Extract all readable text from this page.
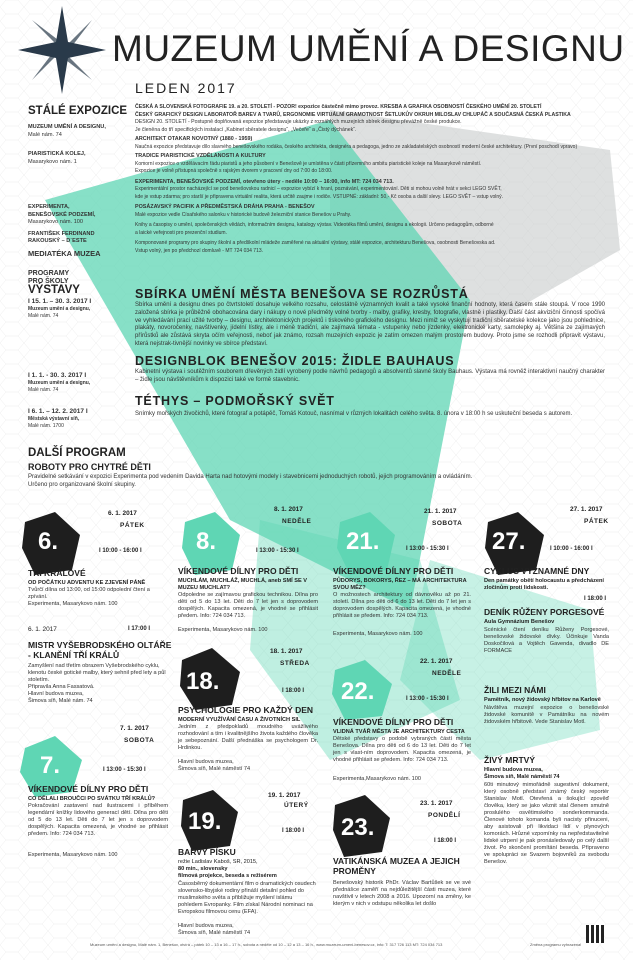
MUZEUM UMĚNÍ A DESIGNU
LEDEN 2017
STÁLÉ EXPOZICE
MUZEUM UMĚNÍ A DESIGNU,
Malé nám. 74
PIARISTICKÁ KOLEJ,
Masarykovo nám. 1
EXPERIMENTA,
BENEŠOVSKÉ PODZEMÍ,
Masarykovo nám. 100
FRANTIŠEK FERDINAND
RAKOUSKÝ – D´ESTE
MEDIATÉKA MUZEA
PROGRAMY
PRO ŠKOLY
ČESKÁ A SLOVENSKÁ FOTOGRAFIE 19. a 20. STOLETÍ - POZOR! expozice částečně mimo provoz. KRESBA A GRAFIKA OSOBNOSTÍ ČESKÉHO UMĚNÍ 20. STOLETÍ
ČESKÝ GRAFICKÝ DESIGN LABORATOŘ BAREV A TVARŮ, ERGONOMIE VIRTUÁLNÍ GRAMOTNOST ŠETLUKŮV OKRUH MILOSLAV CHLUPÁČ A SOUČASNÁ ČESKÁ PLASTIKA
DESIGN 20. STOLETÍ - Postupně doplňovaná expozice představuje ukázky z rozsáhlých muzejních sbírek designu převážně české produkce.
Je členěna do tří specifických instalací „Kabinet sběratele designu“, „Večeře“ a „Čistý dýchánek“.
ARCHITEKT OTAKAR NOVOTNÝ (1880 - 1959)
Naučná expozice představuje dílo slavného benešovského rodáka, českého architekta, designéra a pedagoga, jedno ze zakladatelských osobností moderní české architektury. (První poschodí vpravo)
TRADICE PIARISTICKÉ VZDĚLANOSTI A KULTURY
Komorní expozice o vzdělávacím řádu piaristů a jeho působení v Benešově je umístěna v části přízemního ambitu piaristické koleje na Masarykově náměstí.
Expozice je volně přístupná společně s rajským dvorem v pracovní dny od 7:00 do 18:00.
EXPERIMENTA, BENEŠOVSKÉ PODZEMÍ, otevřeno útery - neděle 10:00 – 16:00, info MT: 724 034 713.
Experimentální prostor nacházející se pod benešovskou radnicí – expozice vybízí k hraní, poznávání, experimentování. Děti si mohou volně hrát v sekci LEGO SVĚT,
kde je vstup zdarma; pro starší je připravena virtuální realita, která určitě zaujme i rodiče. VSTUPNÉ: základní: 50,- Kč osoba a další slevy. LEGO SVĚT – vstup volný.
POSÁZAVSKÝ PACIFIK A PŘEDMĚSTSKÁ DRÁHA PRAHA - BENEŠOV
Malé expozice vedle Císařského salonku v historické budově železniční stanice Benešov u Prahy.
Knihy a časopisy o umění, společenských vědách, informačním designu, katalogy výstav. Videotéka filmů umění, designu a ekologii. Určeno pedagogům, odborné
a laické veřejnosti pro prezenční studium.
Komponované programy pro skupiny školní a předškolní mládeže zaměřené na aktuální výstavy, stálé expozice, architekturu Benešova, osobnosti Benešovska ad.
Vstup volný, jen po předchozí domluvě - MT 724 034 713.
VÝSTAVY
I 15. 1. – 30. 3. 2017 I
Muzeum umění a designu,
Malé nám. 74
SBÍRKA UMĚNÍ MĚSTA BENEŠOVA SE ROZRŮSTÁ
Sbírka umění a designu dnes po čtvrtstoletí dosahuje velkého rozsahu, celostátně významných kvalit a také vysoké finanční hodnoty, která časem stále stoupá. V roce 1990 založená sbírka je průběžně obohacována dary i nákupy o nové předměty volné tvorby - malby, grafiky, kresby, fotografie, vlastně i plastiky. Další část akviziční činnosti spočívá ve vyhledávání prací užité tvorby – designu, architektonických projektů i tiskového grafického designu. Mezi nimiž se vyskytují tradiční sběratelské kolekce jako jsou pohlednice, plakáty, novoročenky, navštívenky, jídelní lístky, ale i méně tradiční, ale zajímavá témata - vstupenky nebo jízdenky, elektronické karty, samolepky aj. Většina ze zajímavých přírůstků ale zůstává skryta očím veřejnosti, neboť jak známo, rozsah muzejních expozic je zatím omezen malým prostorem budovy. Proto jsme se rozhodli připravit výstavu, která nejstrak-tivnější novinky ve sbírce představí.
I 1. 1. - 30. 3. 2017 I
Muzeum umění a designu,
Malé nám. 74
DESIGNBLOK BENEŠOV 2015: ŽIDLE BAUHAUS
Kabinetní výstava i soutěžním souborem dřevěných židlí vyrobený podle návrhů pedagogů a absolventů slavné školy Bauhaus. Výstava má rovněž interaktivní naučný charakter – židle jsou návštěvníkům k dispozici také ve formě stavebnic.
I 6. 1. – 12. 2. 2017 I
Městská výstavní síň,
Malé nám. 1700
TÉTHYS – PODMOŘSKÝ SVĚT
Snímky mořských živočichů, které fotograf a potápěč, Tomáš Kotouč, nasnímal v různých lokalitách celého světa. 8. února v 18:00 h se uskuteční beseda s autorem.
DALŠÍ PROGRAM
ROBOTY PRO CHYTRÉ DĚTI
Pravidelné setkávání v expozici Experimenta pod vedením Davida Harta nad hotovými modely i stavebnicemi jednoduchých robotů, jejich programováním a ovládáním.
Určeno pro organizované školní skupiny.
6.
6. 1. 2017
PÁTEK
I 10:00 - 16:00 I
TŘI KRÁLOVÉ
OD POČÁTKU ADVENTU KE ZJEVENÍ PÁNĚ
Tvůrčí dílna od 13:00, od 15:00 odpolední čtení a zpívání.
Experimenta, Masarykovo nám. 100
6. 1. 2017	I 17:00 I
MISTR VYŠEBRODSKÉHO OLTÁŘE - KLANĚNÍ TŘÍ KRÁLŮ
Zamyšlení nad třetím obrazem Vyšebrodského cyklu, klenotu české gotické malby, který sehnil před lety a půl stoletím.
Připravila Anna Fassatová.
Hlavní budova muzea,
Šimova síň, Malé nám. 74
7.
7. 1. 2017
SOBOTA
I 13:00 - 15:30 I
VÍKENDOVÉ DÍLNY PRO DĚTI
CO DĚLALI BROUČCI PO SVÁTKU TŘÍ KRÁLŮ?
Pokračování zastavení nad ilustracemi i příběhem legendární knížky lidového generací dětí. Dílna pro děti od 5 do 13 let. Děti do 7 let jen s doprovodem dospělých. Kapacita omezená, je vhodné se přihlásit předem. Info: 724 034 713.
Experimenta, Masarykovo nám. 100
8.
8. 1. 2017
NEDĚLE
I 13:00 - 15:30 I
VÍKENDOVÉ DÍLNY PRO DĚTI
MUCHLÁM, MUCHLÁŽ, MUCHLÁ, aneb SMÍ SE V MUZEU MUCHLAT?
Odpoledne se zajímavou grafickou technikou. Dílna pro děti od 5 do 13 let. Děti do 7 let jen s doprovodem dospělých. Kapacita omezená, je vhodné se přihlásit předem. Info: 724 034 713.
Experimenta, Masarykovo nám. 100
18.
18. 1. 2017
STŘEDA
I 18:00 I
PSYCHOLOGIE PRO KAŽDÝ DEN
MODERNÍ VYUŽÍVÁNÍ ČASU A ŽIVOTNÍCH SIL
Jedním z předpokladů moudrého uvážlivého rozhodování a tím i kvalitnějšího života každého člověka je sebepoznání. Další přednáška se psychologem Dr. Hrdinkou.
Hlavní budova muzea,
Šimova síň, Malé náměstí 74
19.
19. 1. 2017
ÚTERÝ
I 18:00 I
BARVY PÍSKU
režie Ladislav Kaboš, SR, 2015,
80 min., slovensky
filmová projekce, beseda s režisérem
Časosběrný dokumentární film o dramatických osudech slovensko-libyjské rodiny přináší detailní pohled do muslimského světa a přibližuje myšlení islámu pohledem Evropanky. Film získal Národní nominaci na Evropskou filmovou cenu (EFA).
Hlavní budova muzea,
Šimova síň, Malé náměstí 74
21.
21. 1. 2017
SOBOTA
I 13:00 - 15:30 I
VÍKENDOVÉ DÍLNY PRO DĚTI
PŮDORYS, BOKORYS, ŘEZ – MÁ ARCHITEKTURA SVOU MĚZ?
O možnostech architektury od dávnověku až po 21. století. Dílna pro děti od 6 do 13 let. Děti do 7 let jen s doprovodem dospělých. Kapacita omezená, je vhodné přihlásit se předem. Info: 724 034 713.
Experimenta, Masarykovo nám. 100
22.
22. 1. 2017
NEDĚLE
I 13:00 - 15:30 I
VÍKENDOVÉ DÍLNY PRO DĚTI
VLIDNÁ TVÁŘ MĚSTA JE ARCHITEKTURY CESTA
Dětské představy o podobě vybraných částí města Benešova. Dílna pro děti od 6 do 13 let. Děti do 7 let jen s vlast-ním doprovodem. Kapacita omezená, je vhodné přihlásit se předem. Info: 724 034 713.
Experimenta,Masarykovo nám. 100
23.
23. 1. 2017
PONDĚLÍ
I 18:00 I
VATIKÁNSKÁ MUZEA A JEJICH PROMĚNY
Benešovský historik PhDr. Václav Bartůšek se ve své přednášce zaměří na nejdůležitější části muzea, které navštívil v letech 2008 a 2016. Upozorní na změny, ke kterým v nich v odstupu několika let došlo
27.
27. 1. 2017
PÁTEK
I 10:00 - 16:00 I
CYKLUS VÝZNAMNÉ DNY
Den památky obětí holocaustu a předcházení zločinům proti lidskosti.
I 18:00 I
DENÍK RŮŽENY PORGESOVÉ
Aula Gymnázium Benešov
Scénické čtení deníku Růženy Porgesové, benešovské židovské dívky. Účinkuje Vanda Doskočilová a Vojtěch Gavenda, divadlo DE FORMACE
ŽILI MEZI NÁMI
Pamětník, nový židovský hřbitov na Karlově
Návštěva muzejní expozice o benešovské židovské komunitě v Památníku na novém židovském hřbitově. Vede Stanislav Motl.
ŽIVÝ MRTVÝ
Hlavní budova muzea,
Šimova síň, Malé náměstí 74
60ti minutový mimořádně sugestivní dokument, který osobně představí známý český reportér Stanislav Motl. Otevřená a šokující zpověď člověka, který se jako věznit stal členem smutně proslulého osvětimského sonderkommanda. Členové tohoto komanda byli nacisty přinuceni, aby asistovali při likvidaci lidí v plynových komorách. Hrůzné vzpomínky na nepředstavitelné lidské utrpení je pak pronásledovaly po celý další život. Po skončení promítání beseda. Připraveno ve spolupráci se Svazem bojovníků za svobodu Benešov.
Muzeum umění a designu, Malé nám. 1, Benešov, otvírá – pátek 10 – 13 a 16 – 17 h., sobota a neděle od 10 – 12 a 13 – 16 h., www.muzeum-umeni-benesov.cz, info: T: 317 726 113 MT: 724 034 713	Změna programu vyhrazena!
